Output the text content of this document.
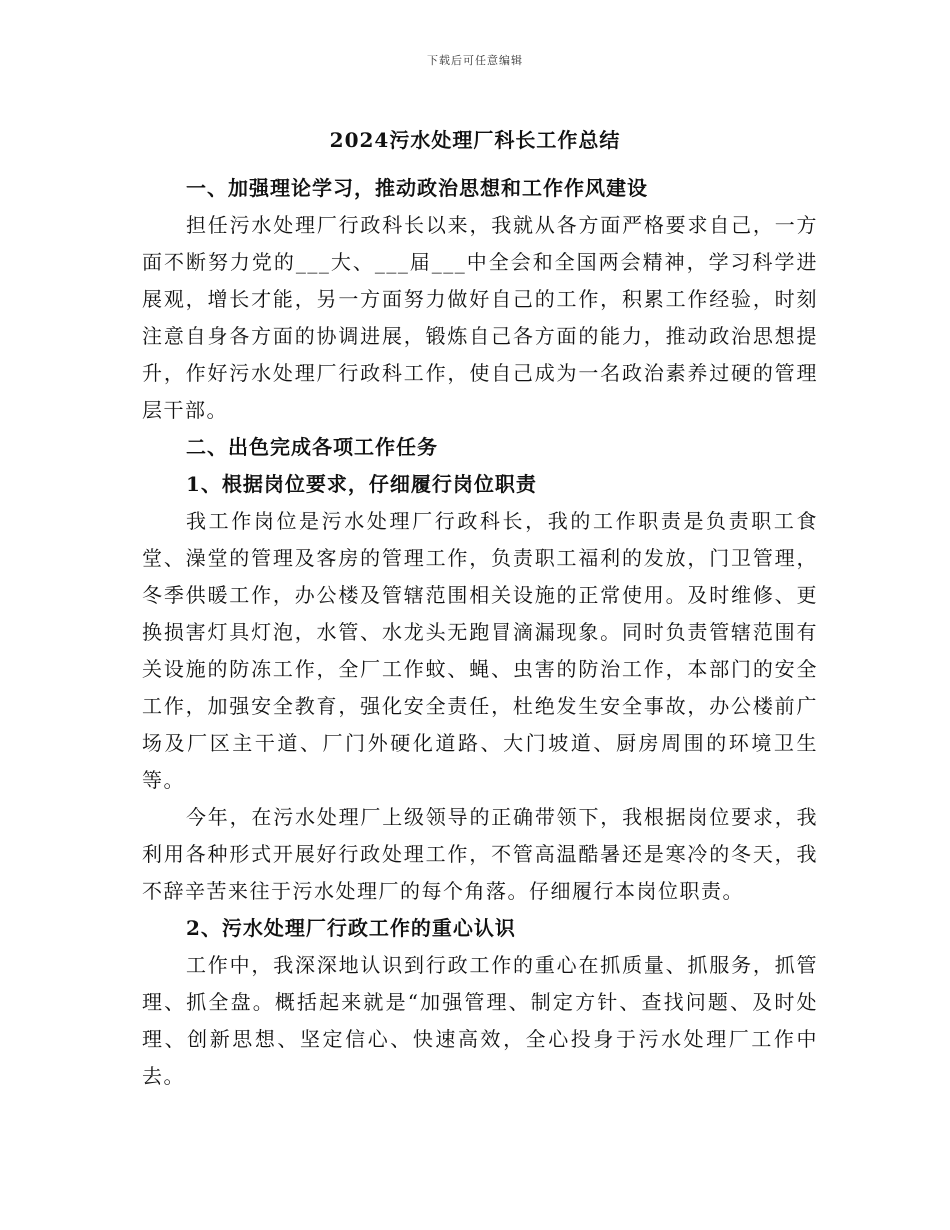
下载后可任意编辑
2024污水处理厂科长工作总结

一、加强理论学习，推动政治思想和工作作风建设

担任污水处理厂行政科长以来，我就从各方面严格要求自己，一方面不断努力党的___大、___届___中全会和全国两会精神，学习科学进展观，增长才能，另一方面努力做好自己的工作，积累工作经验，时刻注意自身各方面的协调进展，锻炼自己各方面的能力，推动政治思想提升，作好污水处理厂行政科工作，使自己成为一名政治素养过硬的管理层干部。

二、出色完成各项工作任务

1、根据岗位要求，仔细履行岗位职责

我工作岗位是污水处理厂行政科长，我的工作职责是负责职工食堂、澡堂的管理及客房的管理工作，负责职工福利的发放，门卫管理，冬季供暖工作，办公楼及管辖范围相关设施的正常使用。及时维修、更换损害灯具灯泡，水管、水龙头无跑冒滴漏现象。同时负责管辖范围有关设施的防冻工作，全厂工作蚊、蝇、虫害的防治工作，本部门的安全工作，加强安全教育，强化安全责任，杜绝发生安全事故，办公楼前广场及厂区主干道、厂门外硬化道路、大门坡道、厨房周围的环境卫生等。

今年，在污水处理厂上级领导的正确带领下，我根据岗位要求，我利用各种形式开展好行政处理工作，不管高温酷暑还是寒冷的冬天，我不辞辛苦来往于污水处理厂的每个角落。仔细履行本岗位职责。

2、污水处理厂行政工作的重心认识

工作中，我深深地认识到行政工作的重心在抓质量、抓服务，抓管理、抓全盘。概括起来就是“加强管理、制定方针、查找问题、及时处理、创新思想、坚定信心、快速高效，全心投身于污水处理厂工作中去。
